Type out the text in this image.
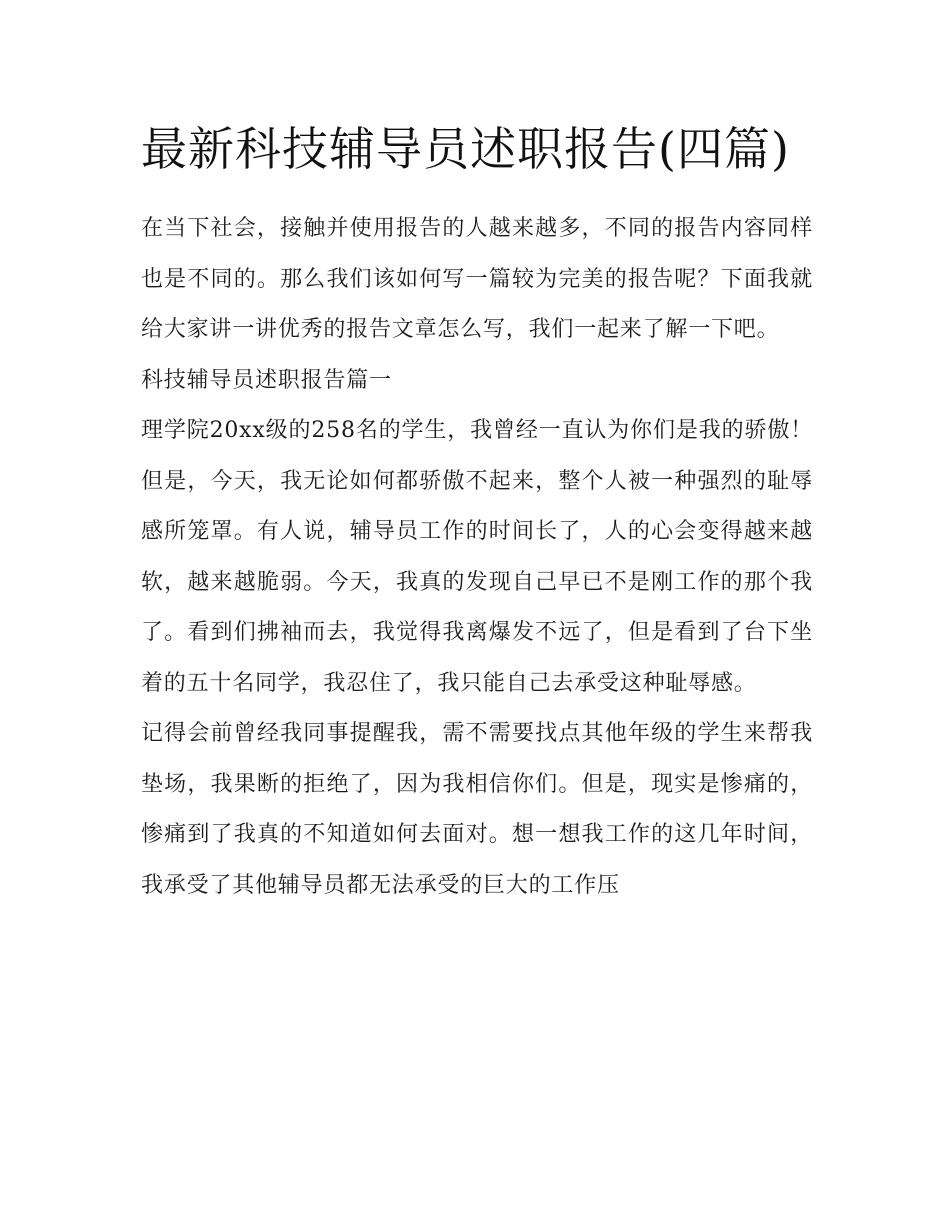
最新科技辅导员述职报告(四篇)

在当下社会，接触并使用报告的人越来越多，不同的报告内容同样也是不同的。那么我们该如何写一篇较为完美的报告呢？下面我就给大家讲一讲优秀的报告文章怎么写，我们一起来了解一下吧。

科技辅导员述职报告篇一

理学院20xx级的258名的学生，我曾经一直认为你们是我的骄傲！但是，今天，我无论如何都骄傲不起来，整个人被一种强烈的耻辱感所笼罩。有人说，辅导员工作的时间长了，人的心会变得越来越软，越来越脆弱。今天，我真的发现自己早已不是刚工作的那个我了。看到们拂袖而去，我觉得我离爆发不远了，但是看到了台下坐着的五十名同学，我忍住了，我只能自己去承受这种耻辱感。

记得会前曾经我同事提醒我，需不需要找点其他年级的学生来帮我垫场，我果断的拒绝了，因为我相信你们。但是，现实是惨痛的，惨痛到了我真的不知道如何去面对。想一想我工作的这几年时间，我承受了其他辅导员都无法承受的巨大的工作压
